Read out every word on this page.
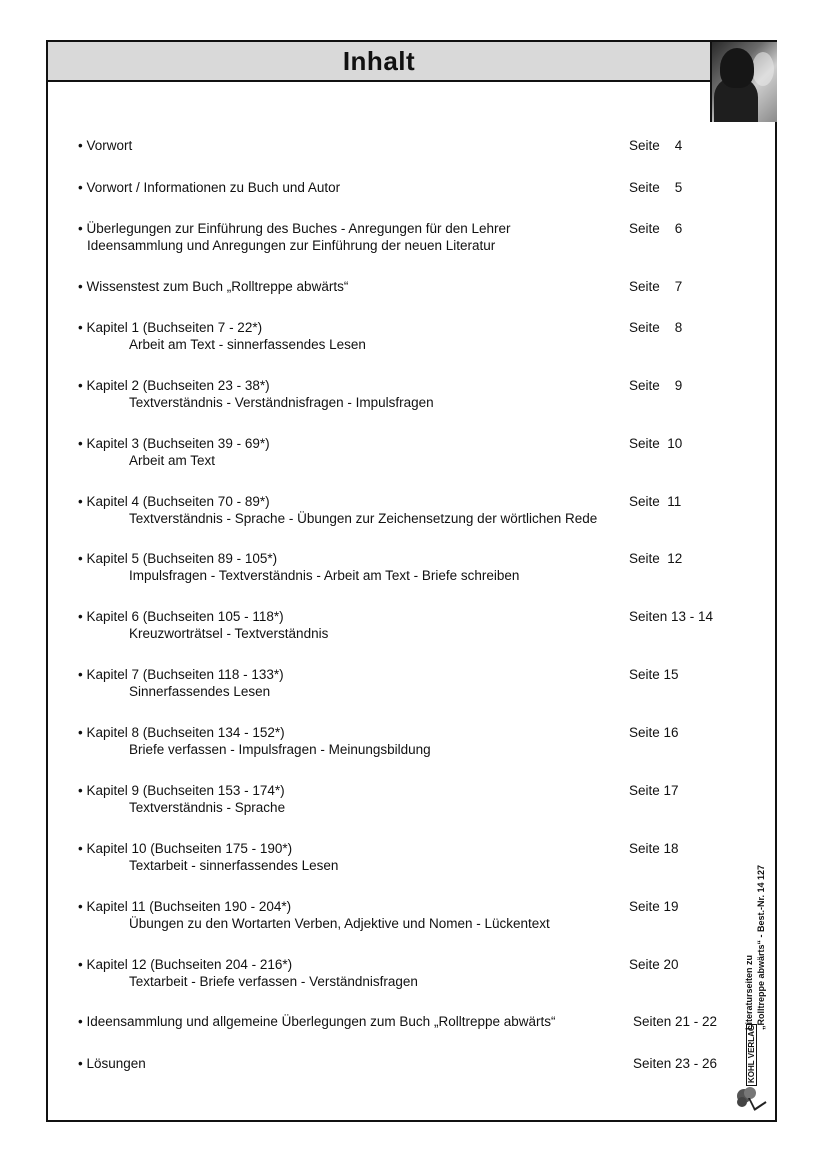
Inhalt
• Vorwort	Seite    4
• Vorwort / Informationen zu Buch und Autor	Seite    5
• Überlegungen zur Einführung des Buches - Anregungen für den Lehrer
Ideensammlung und Anregungen zur Einführung der neuen Literatur
Seite    6
• Wissenstest zum Buch „Rolltreppe abwärts“	Seite    7
• Kapitel 1 (Buchseiten 7 - 22*)
Arbeit am Text - sinnerfassendes Lesen
Seite    8
• Kapitel 2 (Buchseiten 23 - 38*)
Textverständnis - Verständnisfragen - Impulsfragen
Seite    9
• Kapitel 3 (Buchseiten 39 - 69*)
Arbeit am Text
Seite  10
• Kapitel 4 (Buchseiten 70 - 89*)
Textverständnis - Sprache - Übungen zur Zeichensetzung der wörtlichen Rede
Seite  11
• Kapitel 5 (Buchseiten 89 - 105*)
Impulsfragen - Textverständnis - Arbeit am Text - Briefe schreiben
Seite  12
• Kapitel 6 (Buchseiten 105 - 118*)
Kreuzworträtsel - Textverständnis
Seiten 13 - 14
• Kapitel 7 (Buchseiten 118 - 133*)
Sinnerfassendes Lesen
Seite 15
• Kapitel 8 (Buchseiten 134 - 152*)
Briefe verfassen - Impulsfragen - Meinungsbildung
Seite 16
• Kapitel 9 (Buchseiten 153 - 174*)
Textverständnis - Sprache
Seite 17
• Kapitel 10 (Buchseiten 175 - 190*)
Textarbeit - sinnerfassendes Lesen
Seite 18
• Kapitel 11 (Buchseiten 190 - 204*)
Übungen zu den Wortarten Verben, Adjektive und Nomen - Lückentext
Seite 19
• Kapitel 12 (Buchseiten 204 - 216*)
Textarbeit - Briefe verfassen - Verständnisfragen
Seite 20
• Ideensammlung und allgemeine Überlegungen zum Buch „Rolltreppe abwärts“	Seiten 21 - 22
• Lösungen	Seiten 23 - 26
Literaturseiten zu „Rolltreppe abwärts“ - Best.-Nr. 14 127
KOHL VERLAG
